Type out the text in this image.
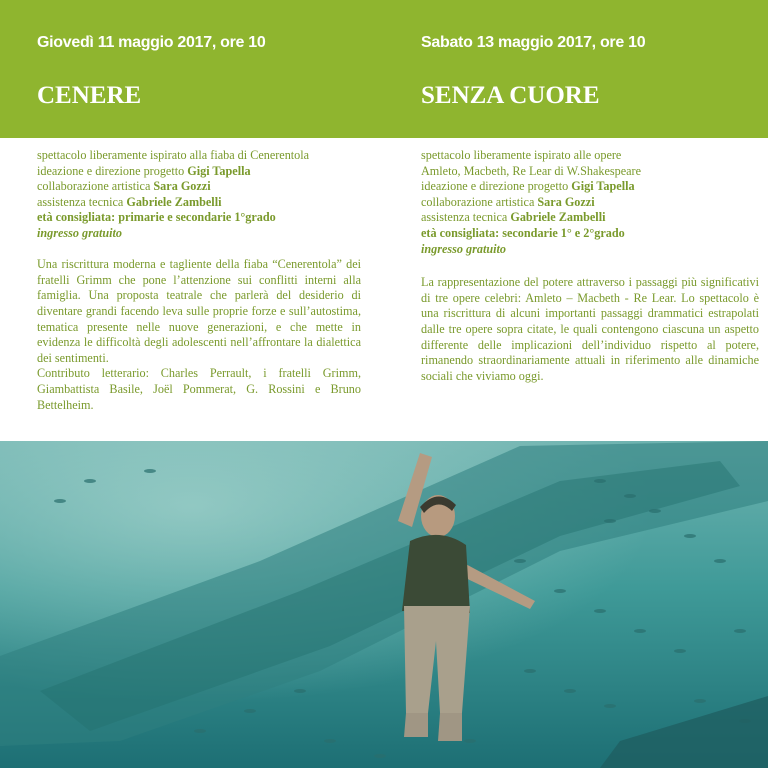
Giovedì 11 maggio 2017, ore 10	Sabato 13 maggio 2017, ore 10
CENERE	SENZA CUORE
spettacolo liberamente ispirato alla fiaba di Cenerentola
ideazione e direzione progetto Gigi Tapella
collaborazione artistica Sara Gozzi
assistenza tecnica Gabriele Zambelli
età consigliata: primarie e secondarie 1°grado
ingresso gratuito
Una riscrittura moderna e tagliente della fiaba “Cenerentola” dei fratelli Grimm che pone l’attenzione sui conflitti interni alla famiglia. Una proposta teatrale che parlerà del desiderio di diventare grandi facendo leva sulle proprie forze e sull’autostima, tematica presente nelle nuove generazioni, e che mette in evidenza le difficoltà degli adolescenti nell’affrontare la dialettica dei sentimenti.
Contributo letterario: Charles Perrault, i fratelli Grimm, Giambattista Basile, Joël Pommerat, G. Rossini e Bruno Bettelheim.
spettacolo liberamente ispirato alle opere
Amleto, Macbeth, Re Lear di W.Shakespeare
ideazione e direzione progetto Gigi Tapella
collaborazione artistica Sara Gozzi
assistenza tecnica Gabriele Zambelli
età consigliata: secondarie 1° e 2°grado
ingresso gratuito
La rappresentazione del potere attraverso i passaggi più significativi di tre opere celebri: Amleto – Macbeth - Re Lear. Lo spettacolo è una riscrittura di alcuni importanti passaggi drammatici estrapolati dalle tre opere sopra citate, le quali contengono ciascuna un aspetto differente delle implicazioni dell’individuo rispetto al potere, rimanendo straordinariamente attuali in riferimento alle dinamiche sociali che viviamo oggi.
